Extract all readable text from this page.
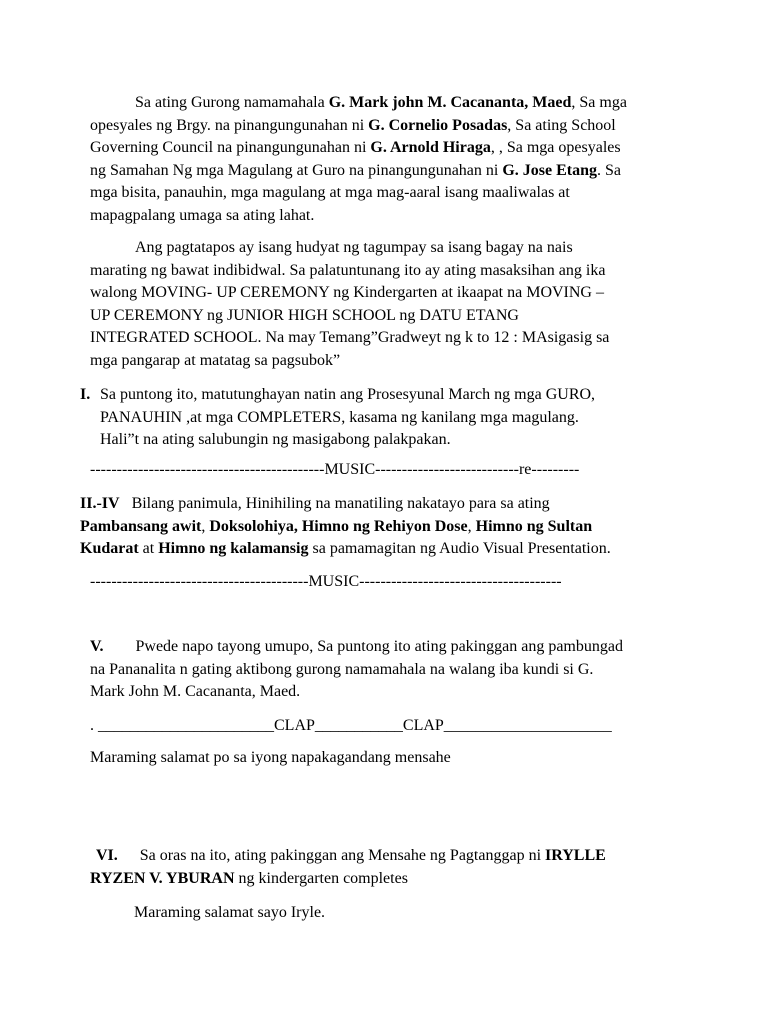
Sa ating Gurong namamahala G. Mark john M. Cacananta, Maed, Sa mga
opesyales ng Brgy. na pinangungunahan ni G. Cornelio Posadas, Sa ating School
Governing Council na pinangungunahan ni G. Arnold Hiraga, , Sa mga opesyales
ng Samahan Ng mga Magulang at Guro na pinangungunahan ni G. Jose Etang. Sa
mga bisita, panauhin, mga magulang at mga mag-aaral isang maaliwalas at
mapagpalang umaga sa ating lahat.
Ang pagtatapos ay isang hudyat ng tagumpay sa isang bagay na nais
marating ng bawat indibidwal. Sa palatuntunang ito ay ating masaksihan ang ika
walong MOVING- UP CEREMONY ng Kindergarten at ikaapat na MOVING –
UP CEREMONY ng JUNIOR HIGH SCHOOL ng DATU ETANG
INTEGRATED SCHOOL. Na may Temang”Gradweyt ng k to 12 : MAsigasig sa
mga pangarap at matatag sa pagsubok”
I. Sa puntong ito, matutunghayan natin ang Prosesyunal March ng mga GURO,
PANAUHIN ,at mga COMPLETERS, kasama ng kanilang mga magulang.
Hali”t na ating salubungin ng masigabong palakpakan.
--------------------------------------------MUSIC---------------------------re---------
II.-IV Bilang panimula, Hinihiling na manatiling nakatayo para sa ating
Pambansang awit, Doksolohiya, Himno ng Rehiyon Dose, Himno ng Sultan
Kudarat at Himno ng kalamansig sa pamamagitan ng Audio Visual Presentation.
-----------------------------------------MUSIC--------------------------------------
V. Pwede napo tayong umupo, Sa puntong ito ating pakinggan ang pambungad
na Pananalita n gating aktibong gurong namamahala na walang iba kundi si G.
Mark John M. Cacananta, Maed.
. ______________________CLAP___________CLAP_____________________
Maraming salamat po sa iyong napakagandang mensahe
VI. Sa oras na ito, ating pakinggan ang Mensahe ng Pagtanggap ni IRYLLE
RYZEN V. YBURAN ng kindergarten completes
Maraming salamat sayo Iryle.
